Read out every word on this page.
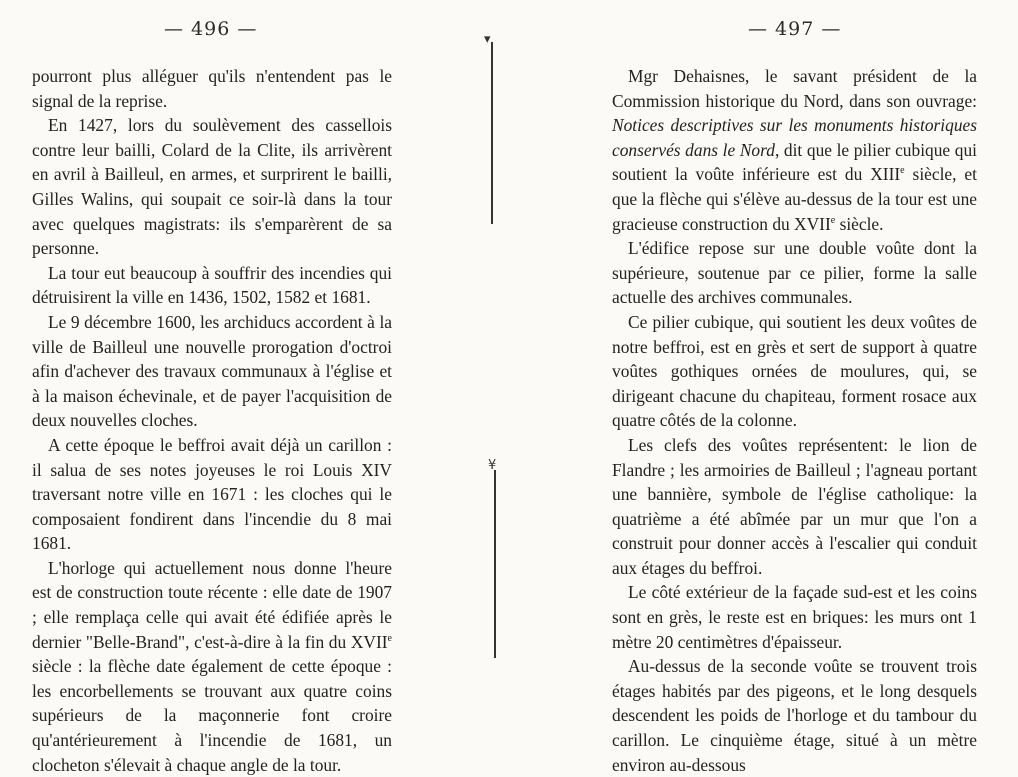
— 496 —	— 497 —
▾
¥

pourront plus alléguer qu'ils n'entendent pas le signal de la reprise.

En 1427, lors du soulèvement des cassellois contre leur bailli, Colard de la Clite, ils arrivèrent en avril à Bailleul, en armes, et surprirent le bailli, Gilles Walins, qui soupait ce soir-là dans la tour avec quelques magistrats: ils s'emparèrent de sa personne.

La tour eut beaucoup à souffrir des incendies qui détruisirent la ville en 1436, 1502, 1582 et 1681.

Le 9 décembre 1600, les archiducs accordent à la ville de Bailleul une nouvelle prorogation d'octroi afin d'achever des travaux communaux à l'église et à la maison échevinale, et de payer l'acquisition de deux nouvelles cloches.

A cette époque le beffroi avait déjà un carillon : il salua de ses notes joyeuses le roi Louis XIV traversant notre ville en 1671 : les cloches qui le composaient fondirent dans l'incendie du 8 mai 1681.

L'horloge qui actuellement nous donne l'heure est de construction toute récente : elle date de 1907 ; elle remplaça celle qui avait été édifiée après le dernier "Belle-Brand", c'est-à-dire à la fin du XVIIe siècle : la flèche date également de cette époque : les encorbellements se trouvant aux quatre coins supérieurs de la maçonnerie font croire qu'antérieurement à l'incendie de 1681, un clocheton s'élevait à chaque angle de la tour.

Mgr Dehaisnes, le savant président de la Commission historique du Nord, dans son ouvrage: Notices descriptives sur les monuments historiques conservés dans le Nord, dit que le pilier cubique qui soutient la voûte inférieure est du XIIIe siècle, et que la flèche qui s'élève au-dessus de la tour est une gracieuse construction du XVIIe siècle.

L'édifice repose sur une double voûte dont la supérieure, soutenue par ce pilier, forme la salle actuelle des archives communales.

Ce pilier cubique, qui soutient les deux voûtes de notre beffroi, est en grès et sert de support à quatre voûtes gothiques ornées de moulures, qui, se dirigeant chacune du chapiteau, forment rosace aux quatre côtés de la colonne.

Les clefs des voûtes représentent: le lion de Flandre ; les armoiries de Bailleul ; l'agneau portant une bannière, symbole de l'église catholique: la quatrième a été abîmée par un mur que l'on a construit pour donner accès à l'escalier qui conduit aux étages du beffroi.

Le côté extérieur de la façade sud-est et les coins sont en grès, le reste est en briques: les murs ont 1 mètre 20 centimètres d'épaisseur.

Au-dessus de la seconde voûte se trouvent trois étages habités par des pigeons, et le long desquels descendent les poids de l'horloge et du tambour du carillon. Le cinquième étage, situé à un mètre environ au-dessous
